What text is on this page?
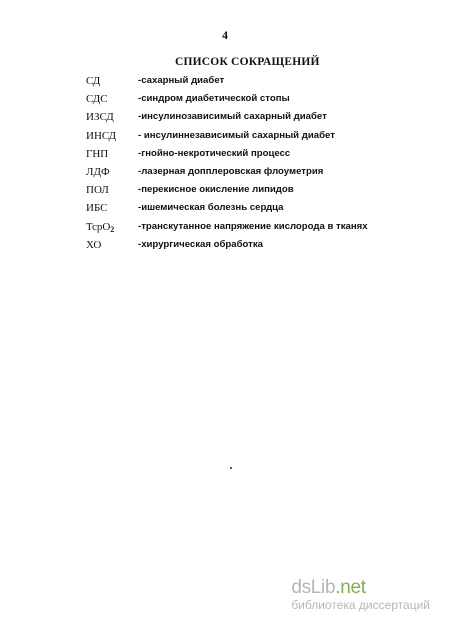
4
СПИСОК СОКРАЩЕНИЙ
СД	-сахарный диабет
СДС	-синдром диабетической стопы
ИЗСД	-инсулинозависимый сахарный диабет
ИНСД - инсулиннезависимый сахарный диабет
ГНП	-гнойно-некротический процесс
ЛДФ	-лазерная допплеровская флоуметрия
ПОЛ	-перекисное окисление липидов
ИБС	-ишемическая болезнь сердца
TcpO$_2$ -транскутанное напряжение кислорода в тканях
ХО	-хирургическая обработка
dsLib.net
библиотека диссертаций
